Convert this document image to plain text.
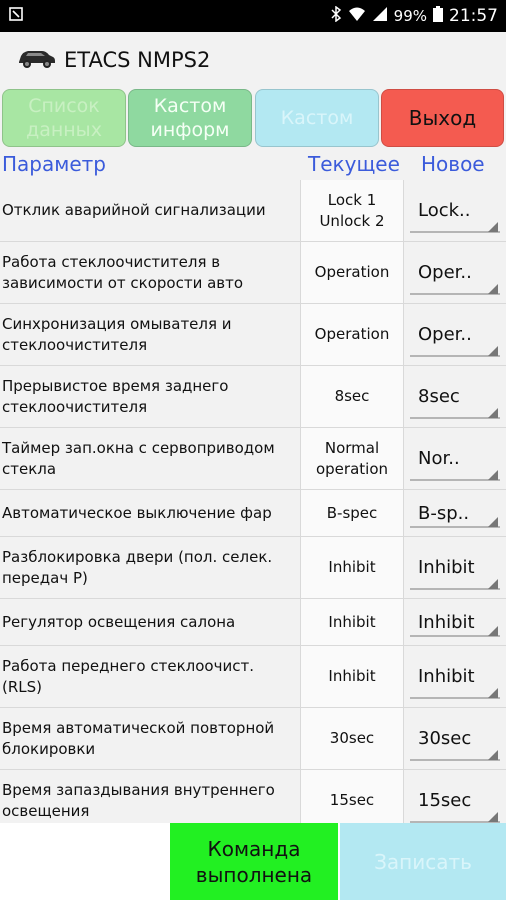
99% 21:57
ETACS NMPS2
Список
данных
Кастом
информ
Кастом	Выход
Параметр	Текущее Новое
Отклик аварийной сигнализации
Lock 1
Unlock 2	Lock..
Работа стеклоочистителя в зависимости от скорости авто
Operation	Oper..
Синхронизация омывателя и стеклоочистителя
Operation	Oper..
Прерывистое время заднего стеклоочистителя
8sec	8sec
Таймер зап.окна с сервоприводом стекла
Normal
operation	Nor..
Автоматическое выключение фар	B-spec	B-sp..
Разблокировка двери (пол. селек. передач P)
Inhibit	Inhibit
Регулятор освещения салона	Inhibit	Inhibit
Работа переднего стеклоочист. (RLS)
Inhibit	Inhibit
Время автоматической повторной блокировки
30sec	30sec
Время запаздывания внутреннего освещения
15sec	15sec
Команда выполнена
Записать
